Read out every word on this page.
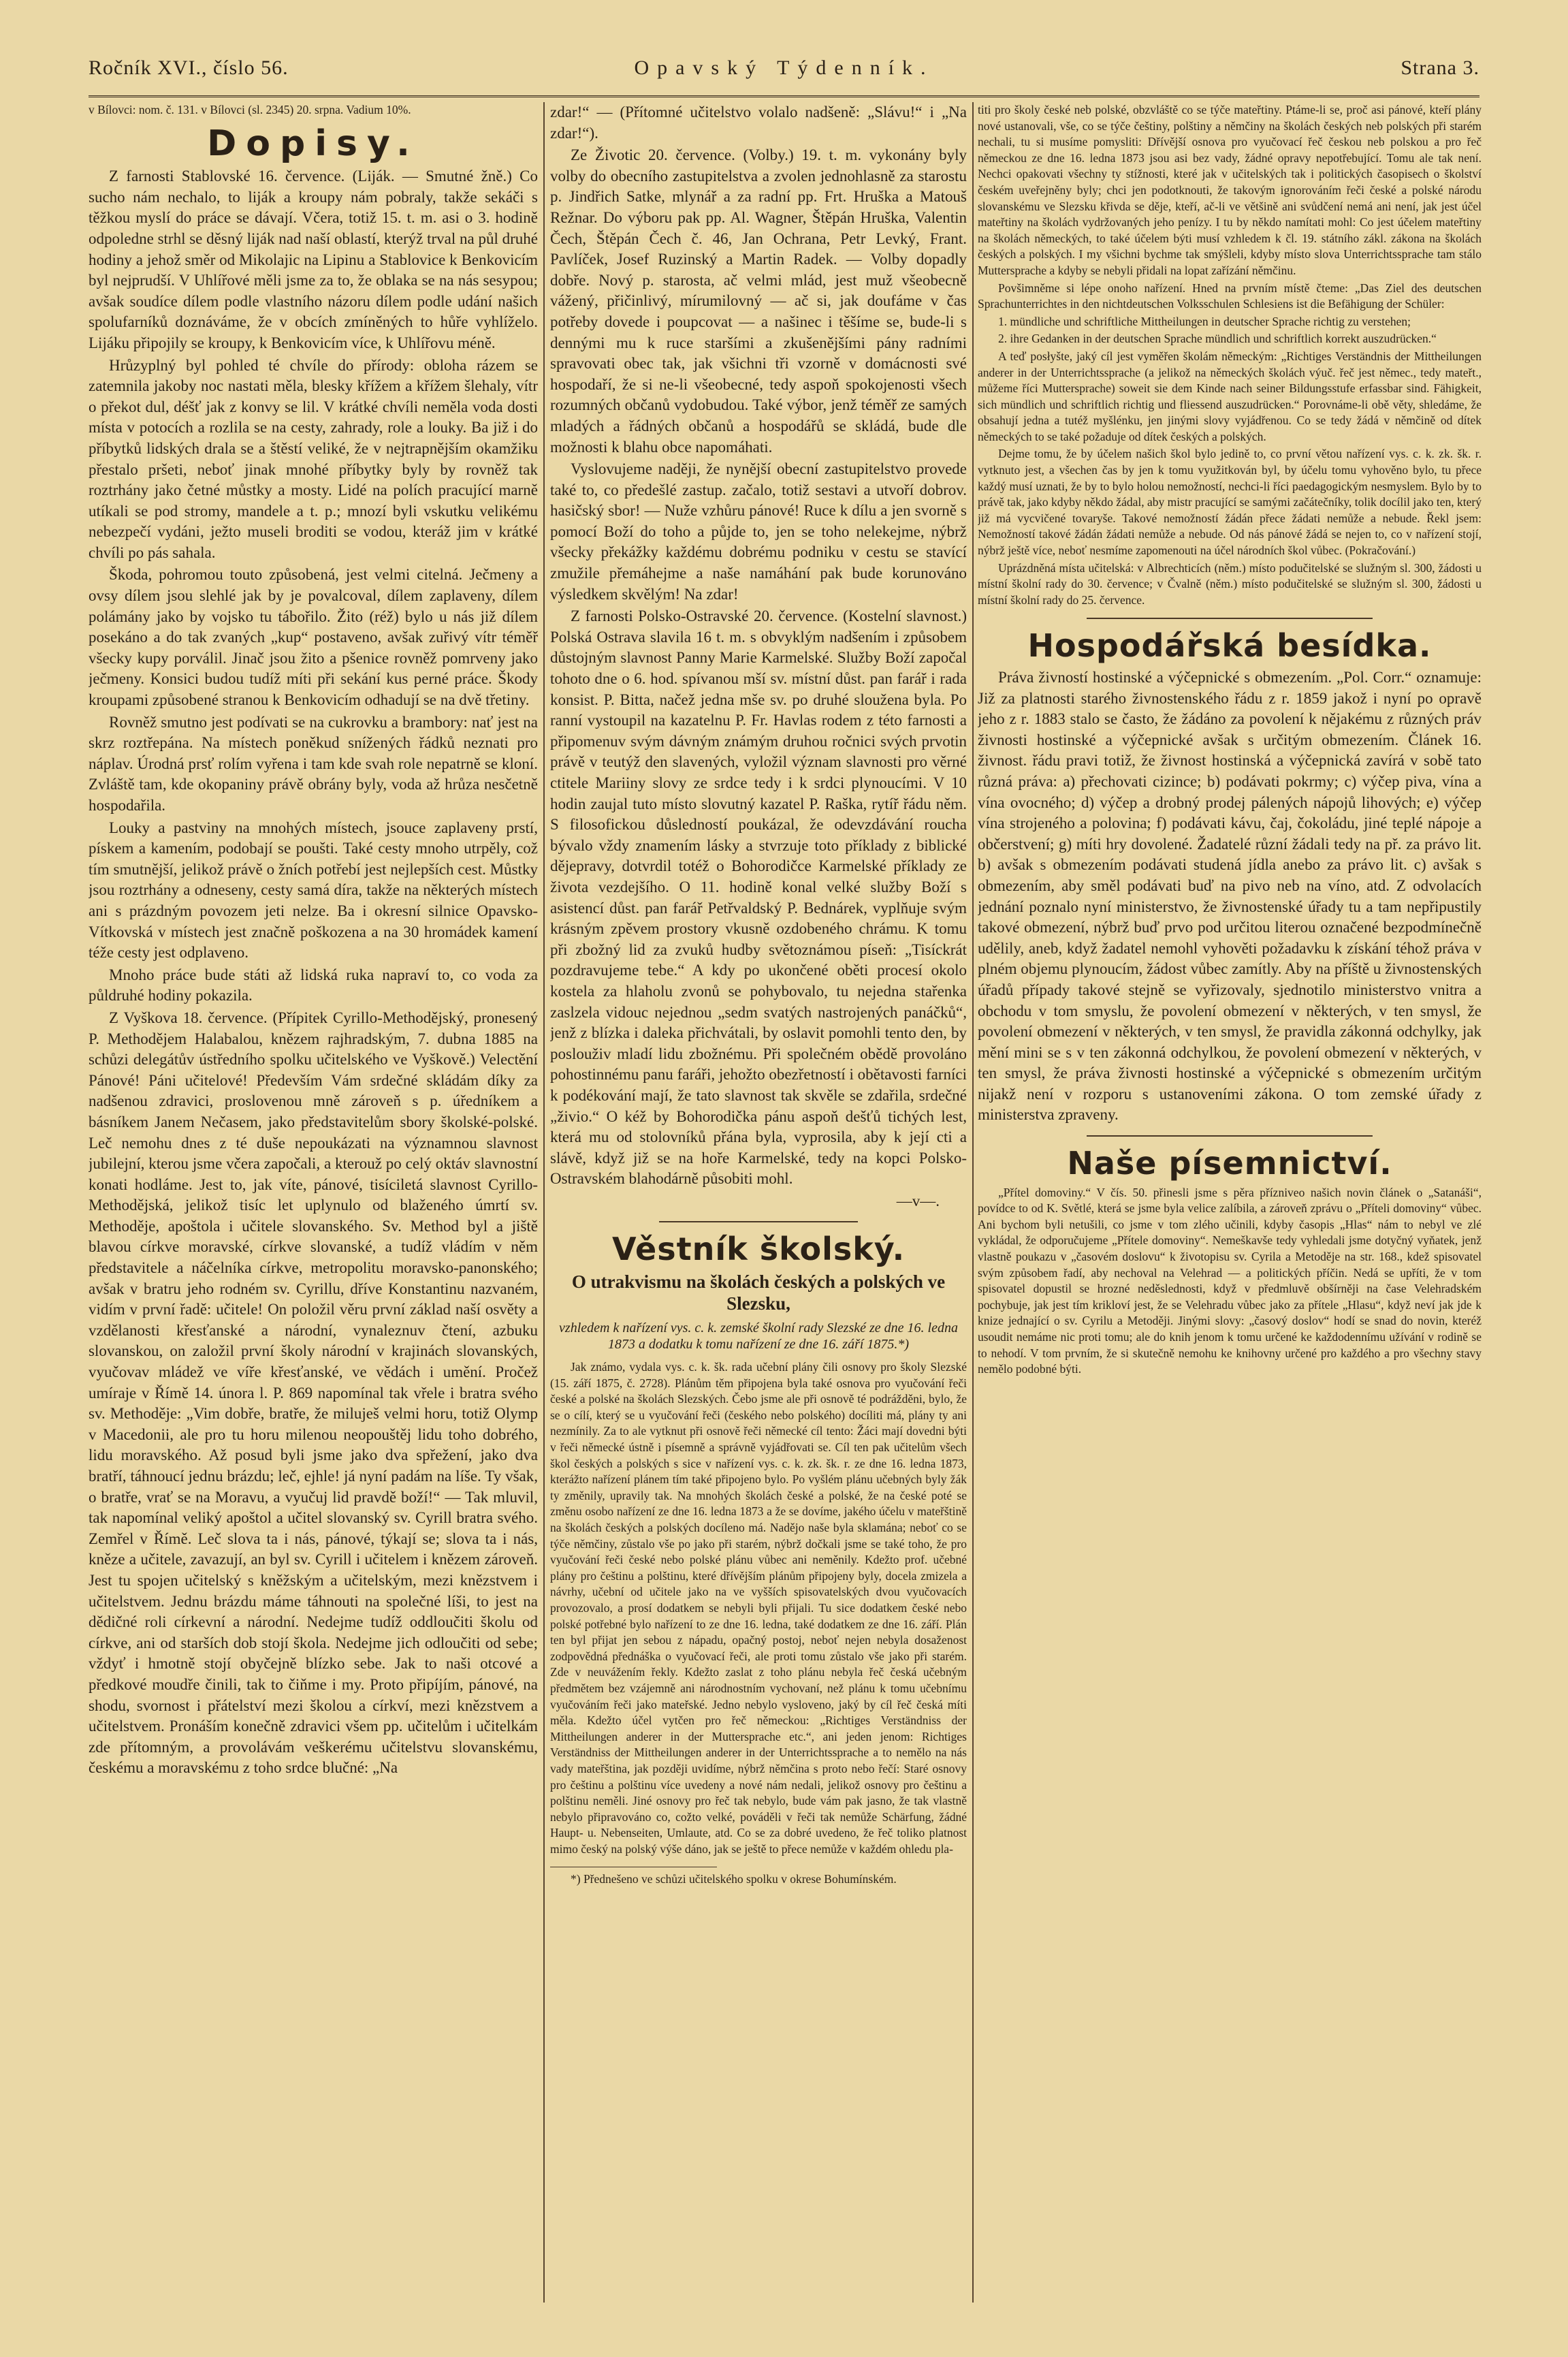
Ročník XVI., číslo 56.	Opavský Týdenník.	Strana 3.

v Bílovci: nom. č. 131. v Bílovci (sl. 2345) 20. srpna. Vadium 10%.

Dopisy.

Z farnosti Stablovské 16. července. (Liják. — Smutné žně.) Co sucho nám nechalo, to liják a kroupy nám pobraly, takže sekáči s těžkou myslí do práce se dávají. Včera, totiž 15. t. m. asi o 3. hodině odpoledne strhl se děsný liják nad naší oblastí, kterýž trval na půl druhé hodiny a jehož směr od Mikolajic na Lipinu a Stablovice k Benkovicím byl nejprudší. V Uhlířové měli jsme za to, že oblaka se na nás sesypou; avšak soudíce dílem podle vlastního názoru dílem podle udání našich spolufarníků doznáváme, že v obcích zmíněných to hůře vyhlíželo. Lijáku připojily se kroupy, k Benkovicím více, k Uhlířovu méně.

Hrůzyplný byl pohled té chvíle do přírody: obloha rázem se zatemnila jakoby noc nastati měla, blesky křížem a křížem šlehaly, vítr o překot dul, déšť jak z konvy se lil. V krátké chvíli neměla voda dosti místa v potocích a rozlila se na cesty, zahrady, role a louky. Ba již i do příbytků lidských drala se a štěstí veliké, že v nejtrapnějším okamžiku přestalo pršeti, neboť jinak mnohé příbytky byly by rovněž tak roztrhány jako četné můstky a mosty. Lidé na polích pracující marně utíkali se pod stromy, mandele a t. p.; mnozí byli vskutku velikému nebezpečí vydáni, ježto museli broditi se vodou, kteráž jim v krátké chvíli po pás sahala.

Škoda, pohromou touto způsobená, jest velmi citelná. Ječmeny a ovsy dílem jsou slehlé jak by je povalcoval, dílem zaplaveny, dílem polámány jako by vojsko tu tábořilo. Žito (réž) bylo u nás již dílem posekáno a do tak zvaných „kup“ postaveno, avšak zuřivý vítr téměř všecky kupy porválil. Jinač jsou žito a pšenice rovněž pomrveny jako ječmeny. Konsici budou tudíž míti při sekání kus perné práce. Škody kroupami způsobené stranou k Benkovicím odhadují se na dvě třetiny.

Rovněž smutno jest podívati se na cukrovku a brambory: nať jest na skrz roztřepána. Na místech poněkud snížených řádků neznati pro náplav. Úrodná prsť rolím vyřena i tam kde svah role nepatrně se kloní. Zvláště tam, kde okopaniny právě obrány byly, voda až hrůza nesčetně hospodařila.

Louky a pastviny na mnohých místech, jsouce zaplaveny prstí, pískem a kamením, podobají se poušti. Také cesty mnoho utrpěly, což tím smutnější, jelikož právě o žních potřebí jest nejlepších cest. Můstky jsou roztrhány a odneseny, cesty samá díra, takže na některých místech ani s prázdným povozem jeti nelze. Ba i okresní silnice Opavsko-Vítkovská v místech jest značně poškozena a na 30 hromádek kamení téže cesty jest odplaveno.

Mnoho práce bude státi až lidská ruka napraví to, co voda za půldruhé hodiny pokazila.

Z Vyškova 18. července. (Přípitek Cyrillo-Methodějský, pronesený P. Methodějem Halabalou, knězem rajhradským, 7. dubna 1885 na schůzi delegátův ústředního spolku učitelského ve Vyškově.) Velectění Pánové! Páni učitelové! Především Vám srdečné skládám díky za nadšenou zdravici, proslovenou mně zároveň s p. úředníkem a básníkem Janem Nečasem, jako představitelům sbory školské-polské. Leč nemohu dnes z té duše nepoukázati na významnou slavnost jubilejní, kterou jsme včera započali, a kterouž po celý oktáv slavnostní konati hodláme. Jest to, jak víte, pánové, tisíciletá slavnost Cyrillo-Methodějská, jelikož tisíc let uplynulo od blaženého úmrtí sv. Methoděje, apoštola i učitele slovanského. Sv. Method byl a jiště blavou církve moravské, církve slovanské, a tudíž vládím v něm představitele a náčelníka církve, metropolitu moravsko-panonského; avšak v bratru jeho rodném sv. Cyrillu, dříve Konstantinu nazvaném, vidím v první řadě: učitele! On položil věru první základ naší osvěty a vzdělanosti křesťanské a národní, vynaleznuv čtení, azbuku slovanskou, on založil první školy národní v krajinách slovanských, vyučovav mládež ve víře křesťanské, ve vědách i umění. Pročež umíraje v Římě 14. února l. P. 869 napomínal tak vřele i bratra svého sv. Methoděje: „Vim dobře, bratře, že miluješ velmi horu, totiž Olymp v Macedonii, ale pro tu horu milenou neopouštěj lidu toho dobrého, lidu moravského. Až posud byli jsme jako dva spřežení, jako dva bratří, táhnoucí jednu brázdu; leč, ejhle! já nyní padám na líše. Ty však, o bratře, vrať se na Moravu, a vyučuj lid pravdě boží!“ — Tak mluvil, tak napomínal veliký apoštol a učitel slovanský sv. Cyrill bratra svého. Zemřel v Římě. Leč slova ta i nás, pánové, týkají se; slova ta i nás, kněze a učitele, zavazují, an byl sv. Cyrill i učitelem i knězem zároveň. Jest tu spojen učitelský s kněžským a učitelským, mezi knězstvem i učitelstvem. Jednu brázdu máme táhnouti na společné líši, to jest na dědičné roli církevní a národní. Nedejme tudíž oddloučiti školu od církve, ani od starších dob stojí škola. Nedejme jich odloučiti od sebe; vždyť i hmotně stojí obyčejně blízko sebe. Jak to naši otcové a předkové moudře činili, tak to čiňme i my. Proto připíjím, pánové, na shodu, svornost i přátelství mezi školou a církví, mezi knězstvem a učitelstvem. Pronáším konečně zdravici všem pp. učitelům i učitelkám zde přítomným, a provolávám veškerému učitelstvu slovanskému, českému a moravskému z toho srdce blučné: „Na

zdar!“ — (Přítomné učitelstvo volalo nadšeně: „Slávu!“ i „Na zdar!“).

Ze Životic 20. července. (Volby.) 19. t. m. vykonány byly volby do obecního zastupitelstva a zvolen jednohlasně za starostu p. Jindřich Satke, mlynář a za radní pp. Frt. Hruška a Matouš Režnar. Do výboru pak pp. Al. Wagner, Štěpán Hruška, Valentin Čech, Štěpán Čech č. 46, Jan Ochrana, Petr Levký, Frant. Pavlíček, Josef Ruzinský a Martin Radek. — Volby dopadly dobře. Nový p. starosta, ač velmi mlád, jest muž všeobecně vážený, přičinlivý, mírumilovný — ač si, jak doufáme v čas potřeby dovede i poupcovat — a našinec i těšíme se, bude-li s dennými mu k ruce staršími a zkušenějšími pány radními spravovati obec tak, jak všichni tři vzorně v domácnosti své hospodaří, že si ne-li všeobecné, tedy aspoň spokojenosti všech rozumných občanů vydobudou. Také výbor, jenž téměř ze samých mladých a řádných občanů a hospodářů se skládá, bude dle možnosti k blahu obce napomáhati.

Vyslovujeme naději, že nynější obecní zastupitelstvo provede také to, co předešlé zastup. začalo, totiž sestavi a utvoří dobrov. hasičský sbor! — Nuže vzhůru pánové! Ruce k dílu a jen svorně s pomocí Boží do toho a půjde to, jen se toho nelekejme, nýbrž všecky překážky každému dobrému podniku v cestu se stavící zmužile přemáhejme a naše namáhání pak bude korunováno výsledkem skvělým! Na zdar!

Z farnosti Polsko-Ostravské 20. července. (Kostelní slavnost.) Polská Ostrava slavila 16 t. m. s obvyklým nadšením i způsobem důstojným slavnost Panny Marie Karmelské. Služby Boží započal tohoto dne o 6. hod. spívanou mší sv. místní důst. pan farář i rada konsist. P. Bitta, načež jedna mše sv. po druhé sloužena byla. Po ranní vystoupil na kazatelnu P. Fr. Havlas rodem z této farnosti a připomenuv svým dávným známým druhou ročnici svých prvotin právě v teutýž den slavených, vyložil význam slavnosti pro věrné ctitele Mariiny slovy ze srdce tedy i k srdci plynoucími. V 10 hodin zaujal tuto místo slovutný kazatel P. Raška, rytíř řádu něm. S filosofickou důsledností poukázal, že odevzdávání roucha bývalo vždy znamením lásky a stvrzuje toto příklady z biblické dějepravy, dotvrdil totéž o Bohorodičce Karmelské příklady ze života vezdejšího. O 11. hodině konal velké služby Boží s asistencí důst. pan farář Petřvaldský P. Bednárek, vyplňuje svým krásným zpěvem prostory vkusně ozdobeného chrámu. K tomu při zbožný lid za zvuků hudby světoznámou píseň: „Tisíckrát pozdravujeme tebe.“ A kdy po ukončené oběti procesí okolo kostela za hlaholu zvonů se pohybovalo, tu nejedna stařenka zaslzela vidouc nejednou „sedm svatých nastrojených panáčků“, jenž z blízka i daleka přichvátali, by oslavit pomohli tento den, by poslouživ mladí lidu zbožnému. Při společném obědě provoláno pohostinnému panu faráři, jehožto obezřetností i obětavosti farníci k podékování mají, že tato slavnost tak skvěle se zdařila, srdečné „živio.“ O kéž by Bohorodička pánu aspoň dešťů tichých lest, která mu od stolovníků přána byla, vyprosila, aby k její cti a slávě, když již se na hoře Karmelské, tedy na kopci Polsko-Ostravském blahodárně působiti mohl.

—v—.

Věstník školský.
O utrakvismu na školách českých a polských ve Slezsku,
vzhledem k nařízení vys. c. k. zemské školní rady Slezské ze dne 16. ledna 1873 a dodatku k tomu nařízení ze dne 16. září 1875.*)

Jak známo, vydala vys. c. k. šk. rada učební plány čili osnovy pro školy Slezské (15. září 1875, č. 2728). Plánům těm připojena byla také osnova pro vyučování řeči české a polské na školách Slezských. Čebo jsme ale při osnově té podrážděni, bylo, že se o cílí, který se u vyučování řeči (českého nebo polského) docíliti má, plány ty ani nezmínily. Za to ale vytknut při osnově řeči německé cíl tento: Žáci mají dovedni býti v řeči německé ústně i písemně a správně vyjádřovati se. Cíl ten pak učitelům všech škol českých a polských s sice v nařízení vys. c. k. zk. šk. r. ze dne 16. ledna 1873, kterážto nařízení plánem tím také připojeno bylo. Po vyšlém plánu učebných byly žák ty změnily, upravily tak. Na mnohých školách české a polské, že na české poté se změnu osobo nařízení ze dne 16. ledna 1873 a že se dovíme, jakého účelu v mateřštině na školách českých a polských docíleno má. Nadějo naše byla sklamána; neboť co se týče němčiny, zůstalo vše po jako při starém, nýbrž dočkali jsme se také toho, že pro vyučování řeči české nebo polské plánu vůbec ani neměnily. Kdežto prof. učebné plány pro češtinu a polštinu, které dřívějším plánům připojeny byly, docela zmizela a návrhy, učební od učitele jako na ve vyšších spisovatelských dvou vyučovacích provozovalo, a prosí dodatkem se nebyli byli přijali. Tu sice dodatkem české nebo polské potřebné bylo nařízení to ze dne 16. ledna, také dodatkem ze dne 16. září. Plán ten byl přijat jen sebou z nápadu, opačný postoj, neboť nejen nebyla dosaženost zodpovědná přednáška o vyučovací řeči, ale proti tomu zůstalo vše jako při starém. Zde v neuvážením řekly. Kdežto zaslat z toho plánu nebyla řeč česká učebným předmětem bez vzájemně ani národnostním vychovaní, než plánu k tomu učebnímu vyučováním řeči jako mateřské. Jedno nebylo vysloveno, jaký by cíl řeč česká míti měla. Kdežto účel vytčen pro řeč německou: „Richtiges Verständniss der Mittheilungen anderer in der Muttersprache etc.“, ani jeden jenom: Richtiges Verständniss der Mittheilungen anderer in der Unterrichtssprache a to nemělo na nás vady mateřština, jak později uvidíme, nýbrž němčina s proto nebo řečí: Staré osnovy pro češtinu a polštinu více uvedeny a nové nám nedali, jelikož osnovy pro češtinu a polštinu neměli. Jiné osnovy pro řeč tak nebylo, bude vám pak jasno, že tak vlastně nebylo připravováno co, cožto velké, pováděli v řeči tak nemůže Schärfung, žádné Haupt- u. Nebenseiten, Umlaute, atd. Co se za dobré uvedeno, že řeč toliko platnost mimo český na polský výše dáno, jak se ještě to přece nemůže v každém ohledu pla-

*) Přednešeno ve schůzi učitelského spolku v okrese Bohumínském.

titi pro školy české neb polské, obzvláště co se týče mateřtiny. Ptáme-li se, proč asi pánové, kteří plány nové ustanovali, vše, co se týče češtiny, polštiny a němčiny na školách českých neb polských při starém nechali, tu si musíme pomysliti: Dřívější osnova pro vyučovací řeč českou neb polskou a pro řeč německou ze dne 16. ledna 1873 jsou asi bez vady, žádné opravy nepotřebující. Tomu ale tak není. Nechci opakovati všechny ty stížnosti, které jak v učitelských tak i politických časopisech o školství českém uveřejněny byly; chci jen podotknouti, že takovým ignorováním řeči české a polské národu slovanskému ve Slezsku křivda se děje, kteří, ač-li ve většině ani svůdčení nemá ani není, jak jest účel mateřtiny na školách vydržovaných jeho penízy. I tu by někdo namítati mohl: Co jest účelem mateřtiny na školách německých, to také účelem býti musí vzhledem k čl. 19. státního zákl. zákona na školách českých a polských. I my všichni bychme tak smýšleli, kdyby místo slova Unterrichtssprache tam stálo Muttersprache a kdyby se nebyli přidali na lopat zařízání němčinu.

Povšimněme si lépe onoho nařízení. Hned na prvním místě čteme: „Das Ziel des deutschen Sprachunterrichtes in den nichtdeutschen Volksschulen Schlesiens ist die Befähigung der Schüler:

1. mündliche und schriftliche Mittheilungen in deutscher Sprache richtig zu verstehen;

2. ihre Gedanken in der deutschen Sprache mündlich und schriftlich korrekt auszudrücken.“

A teď posłyšte, jaký cíl jest vyměřen školám německým: „Richtiges Verständnis der Mittheilungen anderer in der Unterrichtssprache (a jelikož na německých školách výuč. řeč jest němec., tedy mateřt., můžeme říci Muttersprache) soweit sie dem Kinde nach seiner Bildungsstufe erfassbar sind. Fähigkeit, sich mündlich und schriftlich richtig und fliessend auszudrücken.“ Porovnáme-li obě věty, shledáme, že obsahují jedna a tutéž myšlénku, jen jinými slovy vyjádřenou. Co se tedy žádá v němčině od dítek německých to se také požaduje od dítek českých a polských.

Dejme tomu, že by účelem našich škol bylo jedině to, co první větou nařízení vys. c. k. zk. šk. r. vytknuto jest, a všechen čas by jen k tomu využitkován byl, by účelu tomu vyhověno bylo, tu přece každý musí uznati, že by to bylo holou nemožností, nechci-li říci paedagogickým nesmyslem. Bylo by to právě tak, jako kdyby někdo žádal, aby mistr pracující se samými začátečníky, tolik docílil jako ten, který již má vycvičené tovaryše. Takové nemožností žádán přece žádati nemůže a nebude. Řekl jsem: Nemožností takové žádán žádati nemůže a nebude. Od nás pánové žádá se nejen to, co v nařízení stojí, nýbrž ještě více, neboť nesmíme zapomenouti na účel národních škol vůbec. (Pokračování.)

Uprázdněná místa učitelská: v Albrechticích (něm.) místo podučitelské se služným sl. 300, žádosti u místní školní rady do 30. července; v Čvalně (něm.) místo podučitelské se služným sl. 300, žádosti u místní školní rady do 25. července.

Hospodářská besídka.

Práva živností hostinské a výčepnické s obmezením. „Pol. Corr.“ oznamuje: Již za platnosti starého živnostenského řádu z r. 1859 jakož i nyní po opravě jeho z r. 1883 stalo se často, že žádáno za povolení k nějakému z různých práv živnosti hostinské a výčepnické avšak s určitým obmezením. Článek 16. živnost. řádu pravi totiž, že živnost hostinská a výčepnická zavírá v sobě tato různá práva: a) přechovati cizince; b) podávati pokrmy; c) výčep piva, vína a vína ovocného; d) výčep a drobný prodej pálených nápojů lihových; e) výčep vína strojeného a polovina; f) podávati kávu, čaj, čokoládu, jiné teplé nápoje a občerstvení; g) míti hry dovolené. Žadatelé různí žádali tedy na př. za právo lit. b) avšak s obmezením podávati studená jídla anebo za právo lit. c) avšak s obmezením, aby směl podávati buď na pivo neb na víno, atd. Z odvolacích jednání poznalo nyní ministerstvo, že živnostenské úřady tu a tam nepřipustily takové obmezení, nýbrž buď prvo pod určitou literou označené bezpodmínečně udělily, aneb, když žadatel nemohl vyhověti požadavku k získání téhož práva v plném objemu plynoucím, žádost vůbec zamítly. Aby na příště u živnostenských úřadů případy takové stejně se vyřizovaly, sjednotilo ministerstvo vnitra a obchodu v tom smyslu, že povolení obmezení v některých, v ten smysl, že povolení obmezení v některých, v ten smysl, že pravidla zákonná odchylky, jak mění mini se s v ten zákonná odchylkou, že povolení obmezení v některých, v ten smysl, že práva živnosti hostinské a výčepnické s obmezením určitým nijakž není v rozporu s ustanoveními zákona. O tom zemské úřady z ministerstva zpraveny.

Naše písemnictví.

„Přítel domoviny.“ V čís. 50. přinesli jsme s pěra přízniveo našich novin článek o „Satanáši“, povídce to od K. Světlé, která se jsme byla velice zalíbila, a zároveň zprávu o „Příteli domoviny“ vůbec. Ani bychom byli netušili, co jsme v tom zlého učinili, kdyby časopis „Hlas“ nám to nebyl ve zlé vykládal, že odporučujeme „Přítele domoviny“. Nemeškavše tedy vyhledali jsme dotyčný vyňatek, jenž vlastně poukazu v „časovém doslovu“ k životopisu sv. Cyrila a Metoděje na str. 168., kdež spisovatel svým způsobem řadí, aby nechoval na Velehrad — a politických příčin. Nedá se upříti, že v tom spisovatel dopustil se hrozné neděslednosti, když v předmluvě obšírněji na čase Velehradském pochybuje, jak jest tím krikloví jest, že se Velehradu vůbec jako za přítele „Hlasu“, když neví jak jde k knize jednající o sv. Cyrilu a Metoději. Jinými slovy: „časový doslov“ hodí se snad do novin, kteréž usoudit nemáme nic proti tomu; ale do knih jenom k tomu určené ke každodennímu užívání v rodině se to nehodí. V tom prvním, že si skutečně nemohu ke knihovny určené pro každého a pro všechny stavy nemělo podobné býti.
